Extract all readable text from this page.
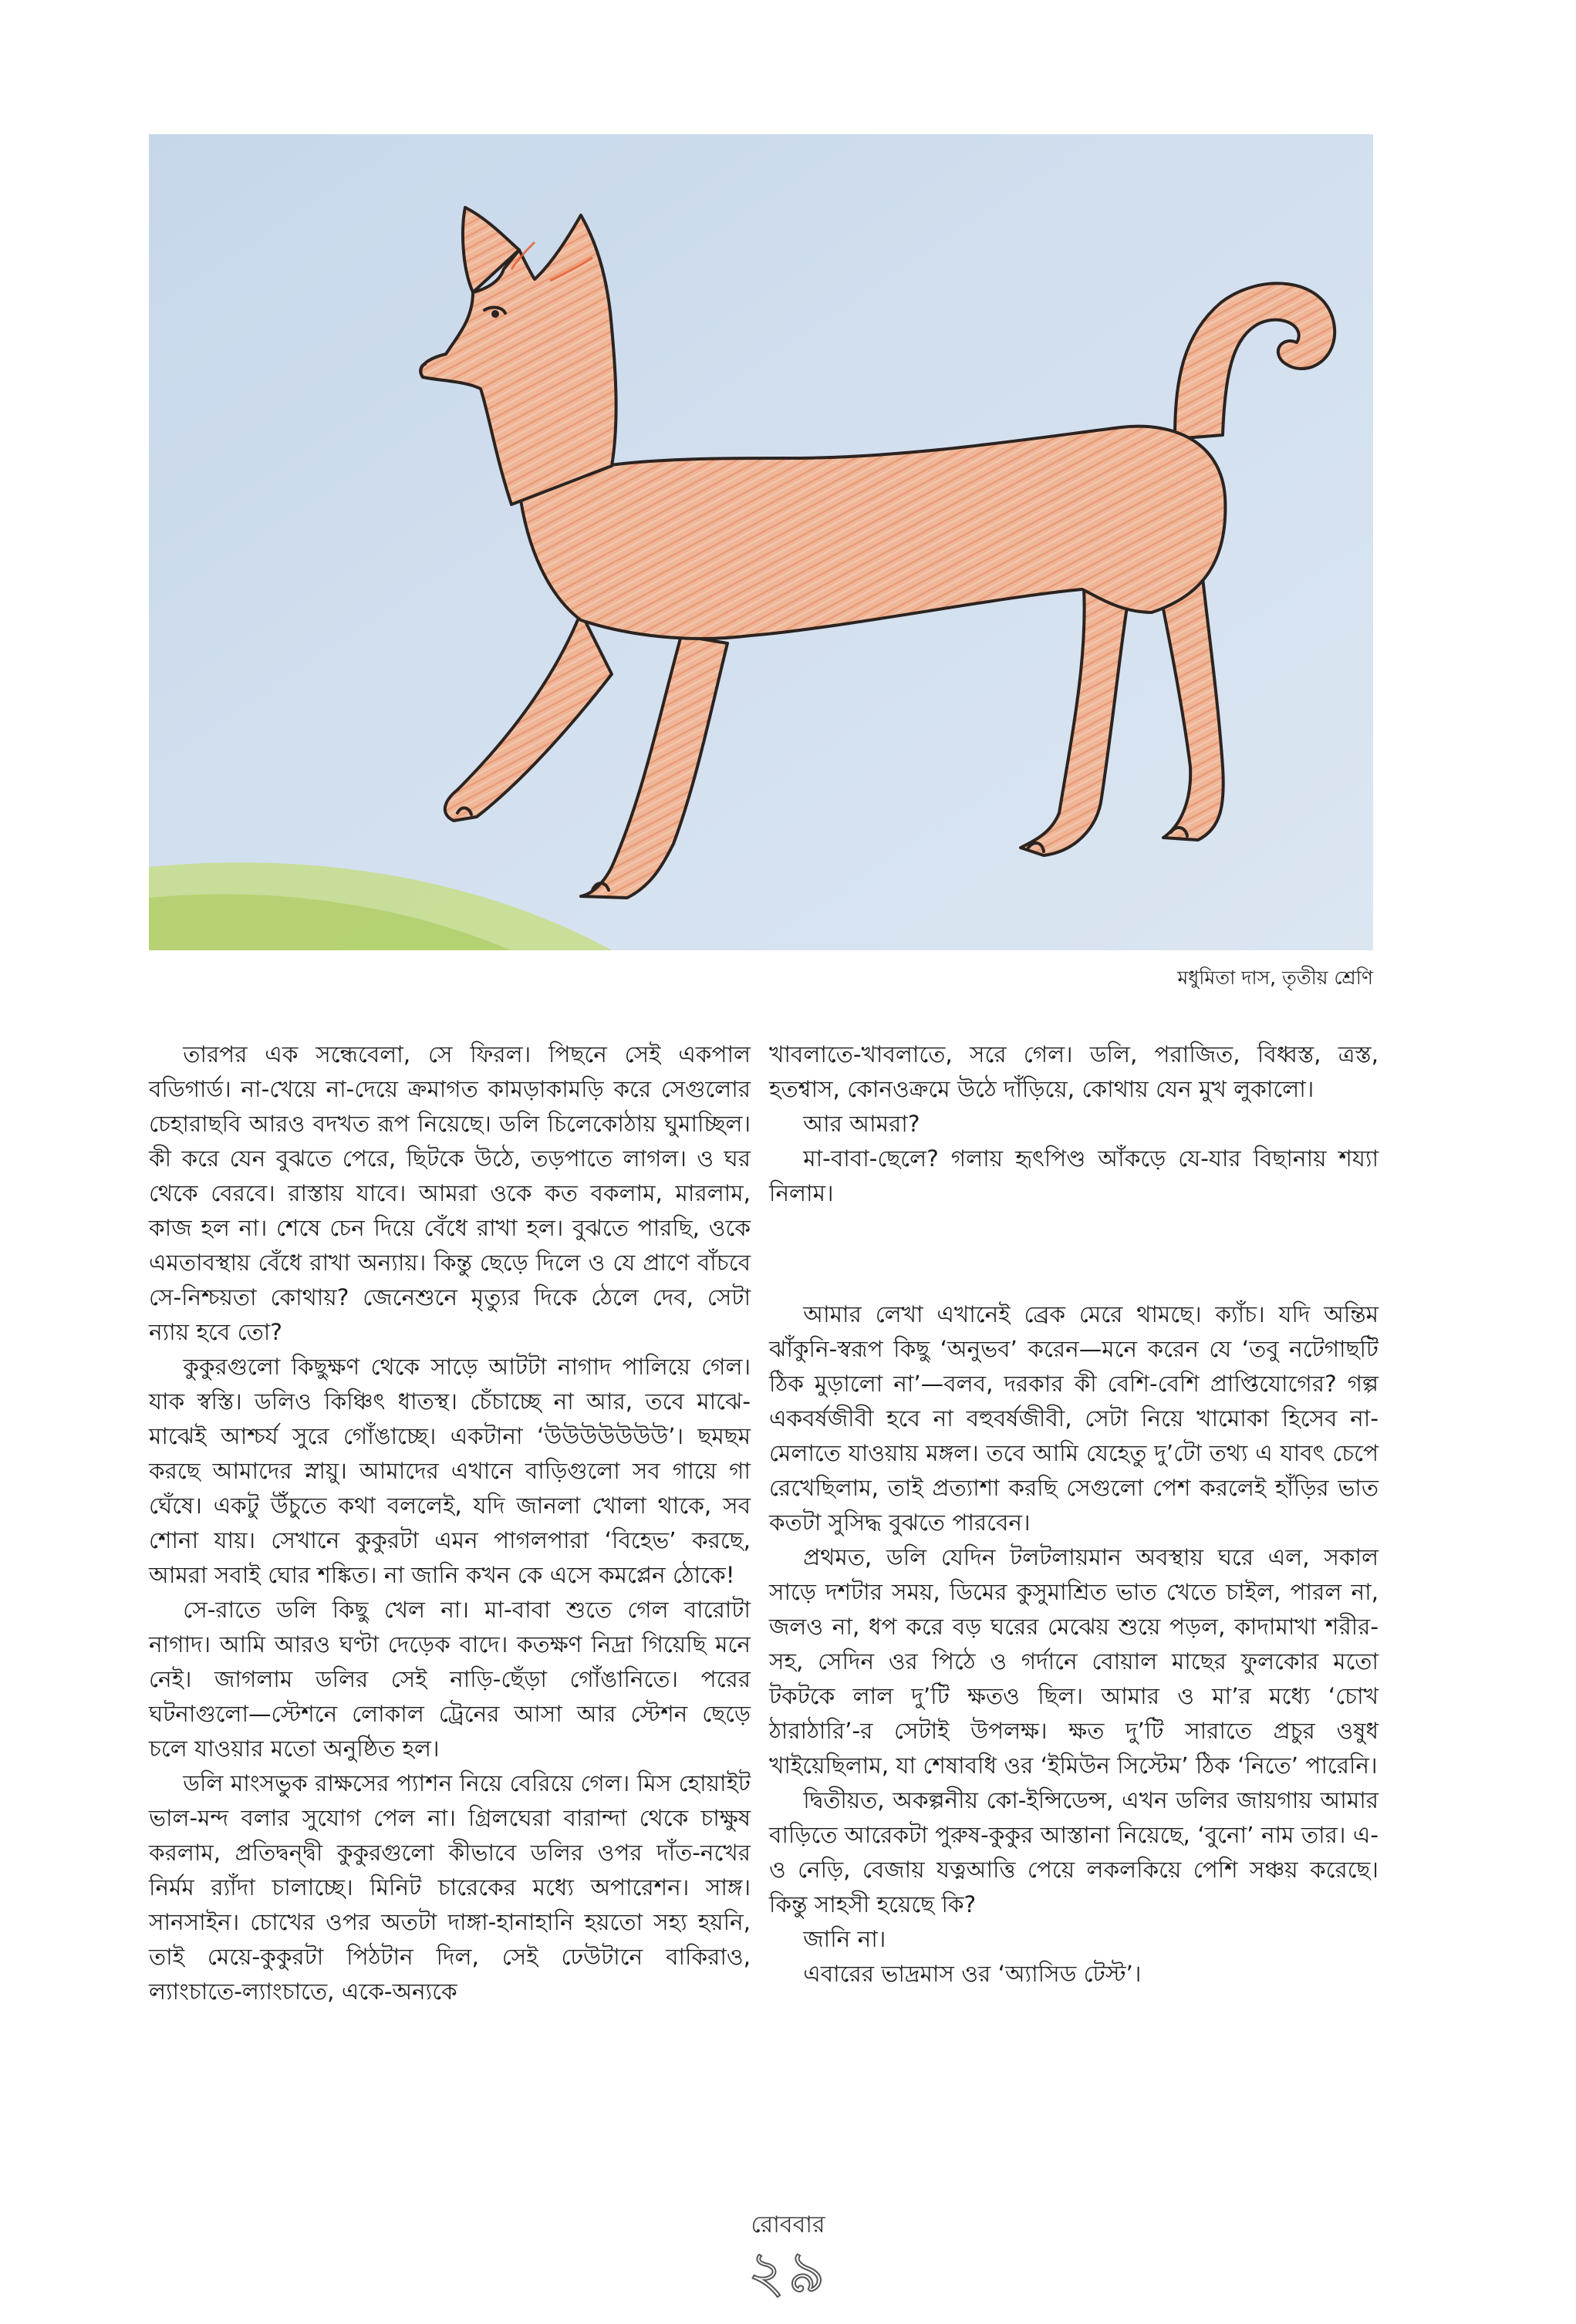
মধুমিতা দাস, তৃতীয় শ্রেণি

তারপর এক সন্ধেবেলা, সে ফিরল। পিছনে সেই একপাল বডিগার্ড। না-খেয়ে না-দেয়ে ক্রমাগত কামড়াকামড়ি করে সেগুলোর চেহারাছবি আরও বদখত রূপ নিয়েছে। ডলি চিলেকোঠায় ঘুমাচ্ছিল। কী করে যেন বুঝতে পেরে, ছিটকে উঠে, তড়পাতে লাগল। ও ঘর থেকে বেরবে। রাস্তায় যাবে। আমরা ওকে কত বকলাম, মারলাম, কাজ হল না। শেষে চেন দিয়ে বেঁধে রাখা হল। বুঝতে পারছি, ওকে এমতাবস্থায় বেঁধে রাখা অন্যায়। কিন্তু ছেড়ে দিলে ও যে প্রাণে বাঁচবে সে-নিশ্চয়তা কোথায়? জেনেশুনে মৃত্যুর দিকে ঠেলে দেব, সেটা ন্যায় হবে তো?

কুকুরগুলো কিছুক্ষণ থেকে সাড়ে আটটা নাগাদ পালিয়ে গেল। যাক স্বস্তি। ডলিও কিঞ্চিৎ ধাতস্থ। চেঁচাচ্ছে না আর, তবে মাঝে-মাঝেই আশ্চর্য সুরে গোঁঙাচ্ছে। একটানা ‘উউউউউউউ’। ছমছম করছে আমাদের স্নায়ু। আমাদের এখানে বাড়িগুলো সব গায়ে গা ঘেঁষে। একটু উঁচুতে কথা বললেই, যদি জানলা খোলা থাকে, সব শোনা যায়। সেখানে কুকুরটা এমন পাগলপারা ‘বিহেভ’ করছে, আমরা সবাই ঘোর শঙ্কিত। না জানি কখন কে এসে কমপ্লেন ঠোকে!

সে-রাতে ডলি কিছু খেল না। মা-বাবা শুতে গেল বারোটা নাগাদ। আমি আরও ঘণ্টা দেড়েক বাদে। কতক্ষণ নিদ্রা গিয়েছি মনে নেই। জাগলাম ডলির সেই নাড়ি-ছেঁড়া গোঁঙানিতে। পরের ঘটনাগুলো—স্টেশনে লোকাল ট্রেনের আসা আর স্টেশন ছেড়ে চলে যাওয়ার মতো অনুষ্ঠিত হল।

ডলি মাংসভুক রাক্ষসের প্যাশন নিয়ে বেরিয়ে গেল। মিস হোয়াইট ভাল-মন্দ বলার সুযোগ পেল না। গ্রিলঘেরা বারান্দা থেকে চাক্ষুষ করলাম, প্রতিদ্বন্দ্বী কুকুরগুলো কীভাবে ডলির ওপর দাঁত-নখের নির্মম র‍্যাঁদা চালাচ্ছে। মিনিট চারেকের মধ্যে অপারেশন। সাঙ্গ। সানসাইন। চোখের ওপর অতটা দাঙ্গা-হানাহানি হয়তো সহ্য হয়নি, তাই মেয়ে-কুকুরটা পিঠটান দিল, সেই ঢেউটানে বাকিরাও, ল্যাংচাতে-ল্যাংচাতে, একে-অন্যকে

খাবলাতে-খাবলাতে, সরে গেল। ডলি, পরাজিত, বিধ্বস্ত, ত্রস্ত, হতশ্বাস, কোনওক্রমে উঠে দাঁড়িয়ে, কোথায় যেন মুখ লুকালো।

আর আমরা?

মা-বাবা-ছেলে? গলায় হৃৎপিণ্ড আঁকড়ে যে-যার বিছানায় শয্যা নিলাম।

আমার লেখা এখানেই ব্রেক মেরে থামছে। ক্যাঁচ। যদি অন্তিম ঝাঁকুনি-স্বরূপ কিছু ‘অনুভব’ করেন—মনে করেন যে ‘তবু নটেগাছটি ঠিক মুড়ালো না’—বলব, দরকার কী বেশি-বেশি প্রাপ্তিযোগের? গল্প একবর্ষজীবী হবে না বহুবর্ষজীবী, সেটা নিয়ে খামোকা হিসেব না-মেলাতে যাওয়ায় মঙ্গল। তবে আমি যেহেতু দু’টো তথ্য এ যাবৎ চেপে রেখেছিলাম, তাই প্রত্যাশা করছি সেগুলো পেশ করলেই হাঁড়ির ভাত কতটা সুসিদ্ধ বুঝতে পারবেন।

প্রথমত, ডলি যেদিন টলটলায়মান অবস্থায় ঘরে এল, সকাল সাড়ে দশটার সময়, ডিমের কুসুমাশ্রিত ভাত খেতে চাইল, পারল না, জলও না, ধপ করে বড় ঘরের মেঝেয় শুয়ে পড়ল, কাদামাখা শরীর-সহ, সেদিন ওর পিঠে ও গর্দানে বোয়াল মাছের ফুলকোর মতো টকটকে লাল দু’টি ক্ষতও ছিল। আমার ও মা’র মধ্যে ‘চোখ ঠারাঠারি’-র সেটাই উপলক্ষ। ক্ষত দু’টি সারাতে প্রচুর ওষুধ খাইয়েছিলাম, যা শেষাবধি ওর ‘ইমিউন সিস্টেম’ ঠিক ‘নিতে’ পারেনি।

দ্বিতীয়ত, অকল্পনীয় কো-ইন্সিডেন্স, এখন ডলির জায়গায় আমার বাড়িতে আরেকটা পুরুষ-কুকুর আস্তানা নিয়েছে, ‘বুনো’ নাম তার। এ-ও নেড়ি, বেজায় যত্নআত্তি পেয়ে লকলকিয়ে পেশি সঞ্চয় করেছে। কিন্তু সাহসী হয়েছে কি?

জানি না।

এবারের ভাদ্রমাস ওর ‘অ্যাসিড টেস্ট’।

রোববার
২৯
